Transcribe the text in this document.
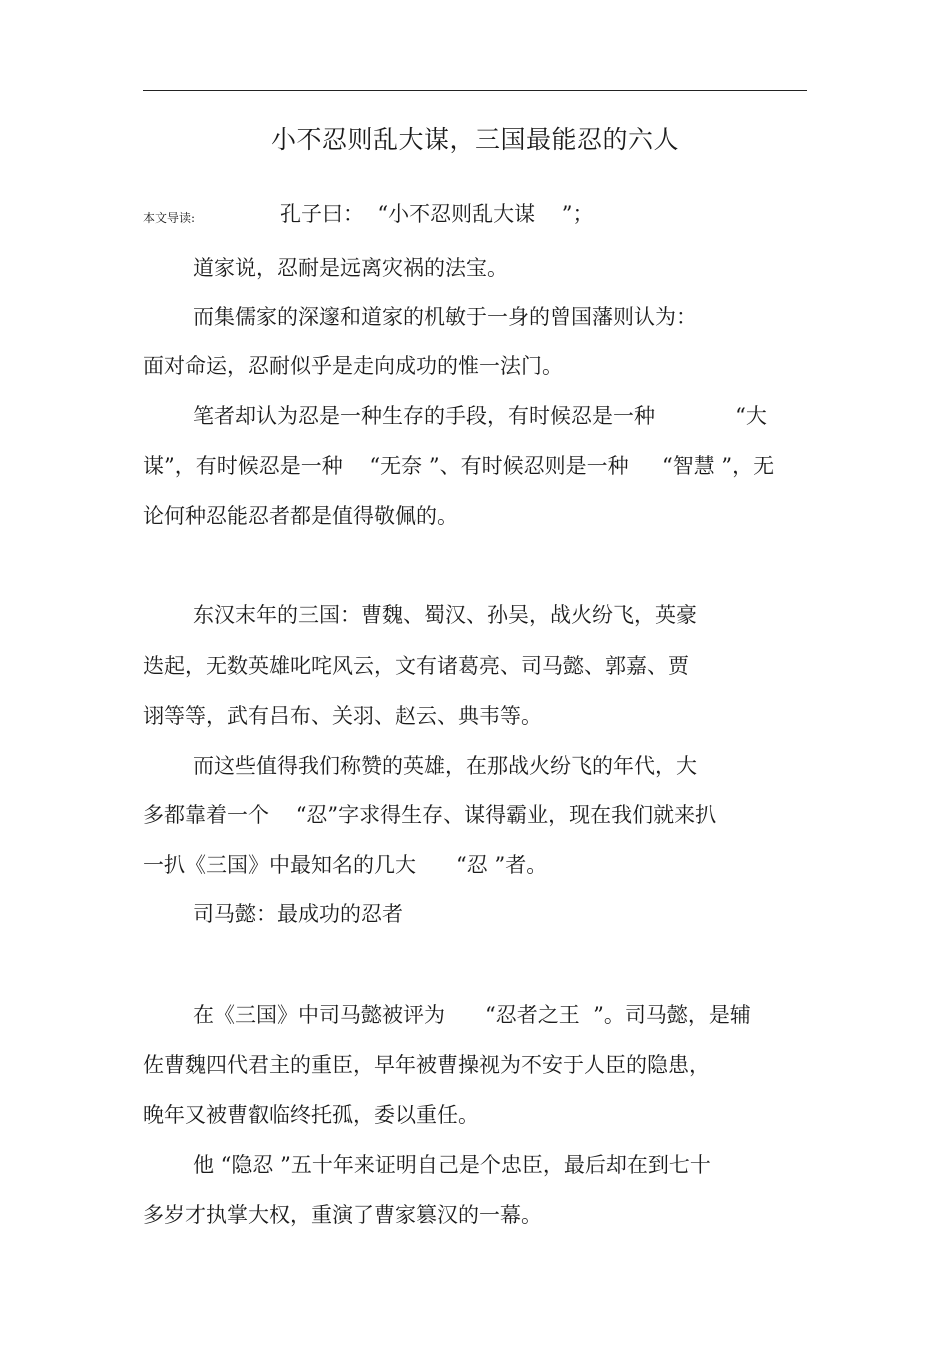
小不忍则乱大谋，三国最能忍的六人
本文导读:	孔子曰：  “小不忍则乱大谋    ”；
道家说，忍耐是远离灾祸的法宝。
而集儒家的深邃和道家的机敏于一身的曾国藩则认为：
面对命运，忍耐似乎是走向成功的惟一法门。
笔者却认为忍是一种生存的手段，有时候忍是一种            “大
谋”，有时候忍是一种    “无奈 ”、有时候忍则是一种     “智慧 ”，无
论何种忍能忍者都是值得敬佩的。
东汉末年的三国：曹魏、蜀汉、孙吴，战火纷飞，英豪
迭起，无数英雄叱咤风云，文有诸葛亮、司马懿、郭嘉、贾
诩等等，武有吕布、关羽、赵云、典韦等。
而这些值得我们称赞的英雄，在那战火纷飞的年代，大
多都靠着一个    “忍”字求得生存、谋得霸业，现在我们就来扒
一扒《三国》中最知名的几大      “忍 ”者。
司马懿：最成功的忍者
在《三国》中司马懿被评为      “忍者之王  ”。司马懿，是辅
佐曹魏四代君主的重臣，早年被曹操视为不安于人臣的隐患，
晚年又被曹叡临终托孤，委以重任。
他 “隐忍 ”五十年来证明自己是个忠臣，最后却在到七十
多岁才执掌大权，重演了曹家篡汉的一幕。
